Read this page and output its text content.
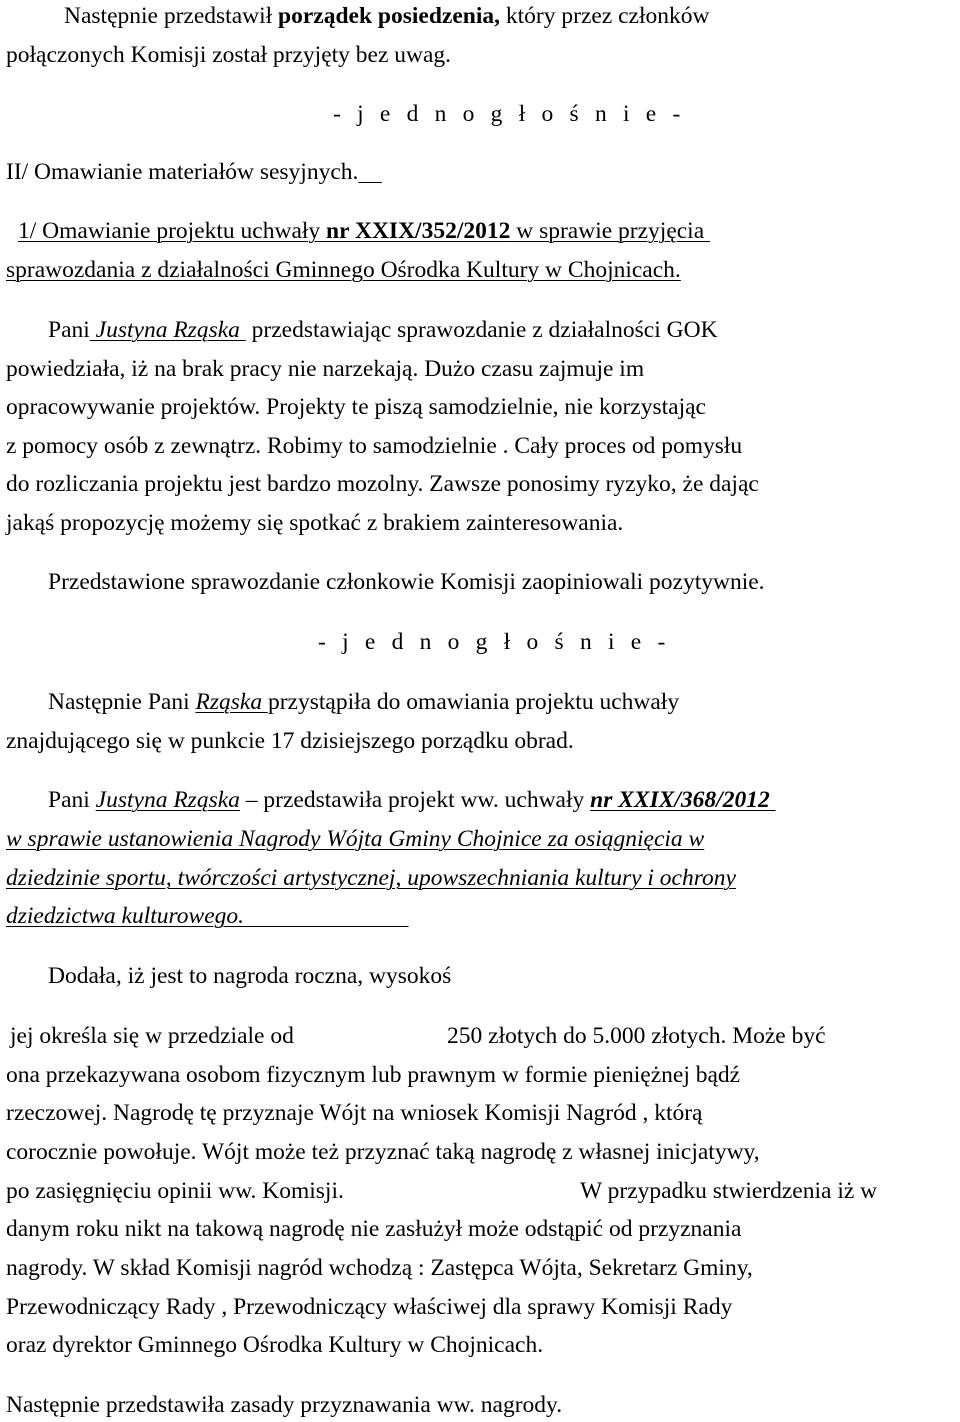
Następnie przedstawił porządek posiedzenia, który przez członków
połączonych Komisji został przyjęty bez uwag.
- j e d n o g ł o ś n i e -
II/ Omawianie materiałów sesyjnych.
1/ Omawianie projektu uchwały nr XXIX/352/2012 w sprawie przyjęcia
sprawozdania z działalności Gminnego Ośrodka Kultury w Chojnicach.
Pani Justyna Rząska  przedstawiając sprawozdanie z działalności GOK
powiedziała, iż na brak pracy nie narzekają. Dużo czasu zajmuje im
opracowywanie projektów. Projekty te piszą samodzielnie, nie korzystając
z pomocy osób z zewnątrz. Robimy to samodzielnie . Cały proces od pomysłu
do rozliczania projektu jest bardzo mozolny. Zawsze ponosimy ryzyko, że dając
jakąś propozycję możemy się spotkać z brakiem zainteresowania.
Przedstawione sprawozdanie członkowie Komisji zaopiniowali pozytywnie.
- j e d n o g ł o ś n i e -
Następnie Pani Rząska przystąpiła do omawiania projektu uchwały
znajdującego się w punkcie 17 dzisiejszego porządku obrad.
Pani Justyna Rząska – przedstawiła projekt ww. uchwały nr XXIX/368/2012
w sprawie ustanowienia Nagrody Wójta Gminy Chojnice za osiągnięcia w
dziedzinie sportu, twórczości artystycznej, upowszechniania kultury i ochrony
dziedzictwa kulturowego.
Dodała, iż jest to nagroda roczna, wysokoś
jej określa się w przedziale od	250 złotych do 5.000 złotych. Może być
ona przekazywana osobom fizycznym lub prawnym w formie pieniężnej bądź
rzeczowej. Nagrodę tę przyznaje Wójt na wniosek Komisji Nagród , którą
corocznie powołuje. Wójt może też przyznać taką nagrodę z własnej inicjatywy,
po zasięgnięciu opinii ww. Komisji.	W przypadku stwierdzenia iż w
danym roku nikt na takową nagrodę nie zasłużył może odstąpić od przyznania
nagrody. W skład Komisji nagród wchodzą : Zastępca Wójta, Sekretarz Gminy,
Przewodniczący Rady , Przewodniczący właściwej dla sprawy Komisji Rady
oraz dyrektor Gminnego Ośrodka Kultury w Chojnicach.
Następnie przedstawiła zasady przyznawania ww. nagrody.
